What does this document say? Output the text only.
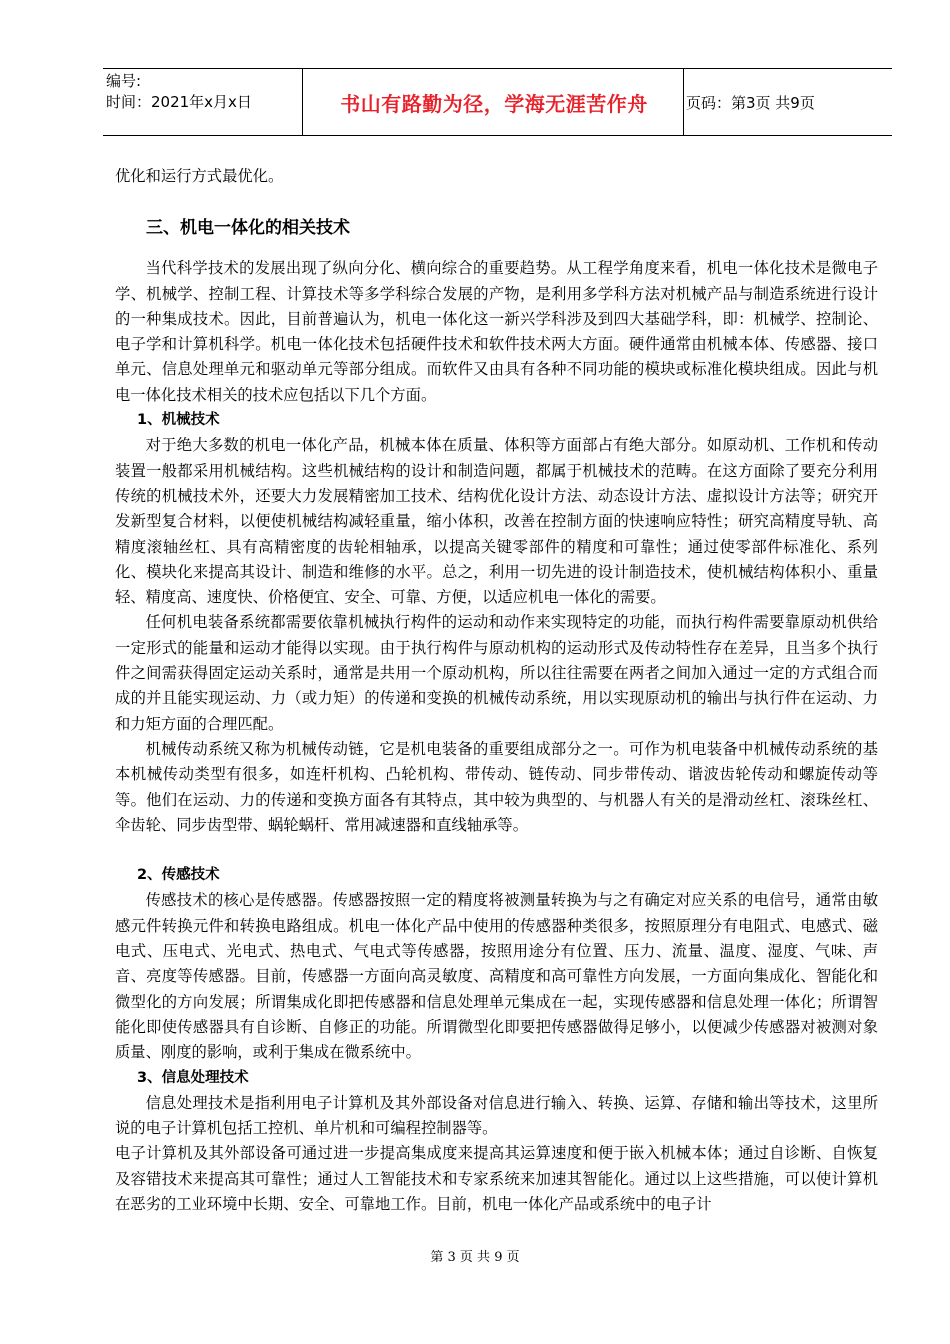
编号:
时间：2021年x月x日	书山有路勤为径，学海无涯苦作舟	页码：第3页 共9页

优化和运行方式最优化。

三、机电一体化的相关技术

当代科学技术的发展出现了纵向分化、横向综合的重要趋势。从工程学角度来看，机电一体化技术是微电子学、机械学、控制工程、计算技术等多学科综合发展的产物，是利用多学科方法对机械产品与制造系统进行设计的一种集成技术。因此，目前普遍认为，机电一体化这一新兴学科涉及到四大基础学科，即：机械学、控制论、电子学和计算机科学。机电一体化技术包括硬件技术和软件技术两大方面。硬件通常由机械本体、传感器、接口单元、信息处理单元和驱动单元等部分组成。而软件又由具有各种不同功能的模块或标准化模块组成。因此与机电一体化技术相关的技术应包括以下几个方面。

1、机械技术

对于绝大多数的机电一体化产品，机械本体在质量、体积等方面部占有绝大部分。如原动机、工作机和传动装置一般都采用机械结构。这些机械结构的设计和制造问题，都属于机械技术的范畴。在这方面除了要充分利用传统的机械技术外，还要大力发展精密加工技术、结构优化设计方法、动态设计方法、虚拟设计方法等；研究开发新型复合材料，以便使机械结构减轻重量，缩小体积，改善在控制方面的快速响应特性；研究高精度导轨、高精度滚轴丝杠、具有高精密度的齿轮相轴承，以提高关键零部件的精度和可靠性；通过使零部件标准化、系列化、模块化来提高其设计、制造和维修的水平。总之，利用一切先进的设计制造技术，使机械结构体积小、重量轻、精度高、速度快、价格便宜、安全、可靠、方便，以适应机电一体化的需要。

任何机电装备系统都需要依靠机械执行构件的运动和动作来实现特定的功能，而执行构件需要靠原动机供给一定形式的能量和运动才能得以实现。由于执行构件与原动机构的运动形式及传动特性存在差异，且当多个执行件之间需获得固定运动关系时，通常是共用一个原动机构，所以往往需要在两者之间加入通过一定的方式组合而成的并且能实现运动、力（或力矩）的传递和变换的机械传动系统，用以实现原动机的输出与执行件在运动、力和力矩方面的合理匹配。

机械传动系统又称为机械传动链，它是机电装备的重要组成部分之一。可作为机电装备中机械传动系统的基本机械传动类型有很多，如连杆机构、凸轮机构、带传动、链传动、同步带传动、谐波齿轮传动和螺旋传动等等。他们在运动、力的传递和变换方面各有其特点，其中较为典型的、与机器人有关的是滑动丝杠、滚珠丝杠、伞齿轮、同步齿型带、蜗轮蜗杆、常用减速器和直线轴承等。

2、传感技术

传感技术的核心是传感器。传感器按照一定的精度将被测量转换为与之有确定对应关系的电信号，通常由敏感元件转换元件和转换电路组成。机电一体化产品中使用的传感器种类很多，按照原理分有电阻式、电感式、磁电式、压电式、光电式、热电式、气电式等传感器，按照用途分有位置、压力、流量、温度、湿度、气味、声音、亮度等传感器。目前，传感器一方面向高灵敏度、高精度和高可靠性方向发展，一方面向集成化、智能化和微型化的方向发展；所谓集成化即把传感器和信息处理单元集成在一起，实现传感器和信息处理一体化；所谓智能化即使传感器具有自诊断、自修正的功能。所谓微型化即要把传感器做得足够小，以便减少传感器对被测对象质量、刚度的影响，或利于集成在微系统中。

3、信息处理技术

信息处理技术是指利用电子计算机及其外部设备对信息进行输入、转换、运算、存储和输出等技术，这里所说的电子计算机包括工控机、单片机和可编程控制器等。

电子计算机及其外部设备可通过进一步提高集成度来提高其运算速度和便于嵌入机械本体；通过自诊断、自恢复及容错技术来提高其可靠性；通过人工智能技术和专家系统来加速其智能化。通过以上这些措施，可以使计算机在恶劣的工业环境中长期、安全、可靠地工作。目前，机电一体化产品或系统中的电子计

第 3 页 共 9 页
